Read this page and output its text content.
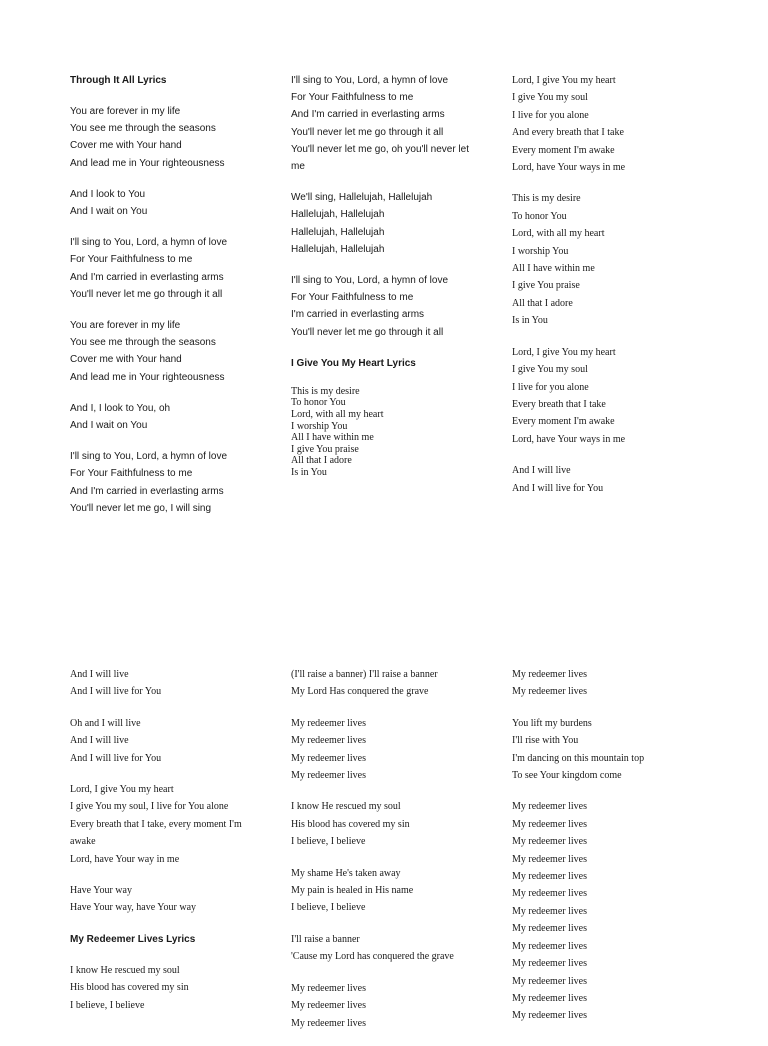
Through It All Lyrics
You are forever in my life
You see me through the seasons
Cover me with Your hand
And lead me in Your righteousness
And I look to You
And I wait on You
I'll sing to You, Lord, a hymn of love
For Your Faithfulness to me
And I'm carried in everlasting arms
You'll never let me go through it all
You are forever in my life
You see me through the seasons
Cover me with Your hand
And lead me in Your righteousness
And I, I look to You, oh
And I wait on You
I'll sing to You, Lord, a hymn of love
For Your Faithfulness to me
And I'm carried in everlasting arms
You'll never let me go, I will sing
I'll sing to You, Lord, a hymn of love
For Your Faithfulness to me
And I'm carried in everlasting arms
You'll never let me go through it all
You'll never let me go, oh you'll never let me
We'll sing, Hallelujah, Hallelujah
Hallelujah, Hallelujah
Hallelujah, Hallelujah
Hallelujah, Hallelujah
I'll sing to You, Lord, a hymn of love
For Your Faithfulness to me
I'm carried in everlasting arms
You'll never let me go through it all
I Give You My Heart Lyrics
This is my desire
To honor You
Lord, with all my heart
I worship You
All I have within me
I give You praise
All that I adore
Is in You
Lord, I give You my heart
I give You my soul
I live for you alone
And every breath that I take
Every moment I'm awake
Lord, have Your ways in me
This is my desire
To honor You
Lord, with all my heart
I worship You
All I have within me
I give You praise
All that I adore
Is in You
Lord, I give You my heart
I give You my soul
I live for you alone
Every breath that I take
Every moment I'm awake
Lord, have Your ways in me
And I will live
And I will live for You
And I will live
And I will live for You
Oh and I will live
And I will live
And I will live for You
Lord, I give You my heart
I give You my soul, I live for You alone
Every breath that I take, every moment I'm awake
Lord, have Your way in me
Have Your way
Have Your way, have Your way
My Redeemer Lives Lyrics
I know He rescued my soul
His blood has covered my sin
I believe, I believe
(I'll raise a banner) I'll raise a banner
My Lord Has conquered the grave
My redeemer lives
My redeemer lives
My redeemer lives
My redeemer lives
I know He rescued my soul
His blood has covered my sin
I believe, I believe
My shame He's taken away
My pain is healed in His name
I believe, I believe
I'll raise a banner
'Cause my Lord has conquered the grave
My redeemer lives
My redeemer lives
My redeemer lives
My redeemer lives
My redeemer lives
You lift my burdens
I'll rise with You
I'm dancing on this mountain top
To see Your kingdom come
My redeemer lives
My redeemer lives
My redeemer lives
My redeemer lives
My redeemer lives
My redeemer lives
My redeemer lives
My redeemer lives
My redeemer lives
My redeemer lives
My redeemer lives
My redeemer lives
My redeemer lives
